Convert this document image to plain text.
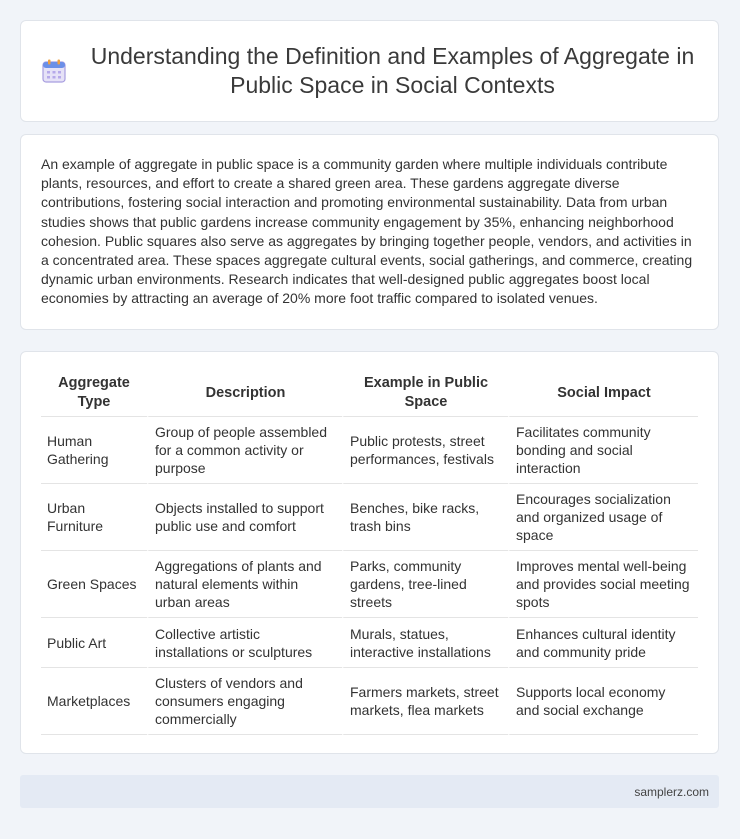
Understanding the Definition and Examples of Aggregate in Public Space in Social Contexts

An example of aggregate in public space is a community garden where multiple individuals contribute plants, resources, and effort to create a shared green area. These gardens aggregate diverse contributions, fostering social interaction and promoting environmental sustainability. Data from urban studies shows that public gardens increase community engagement by 35%, enhancing neighborhood cohesion. Public squares also serve as aggregates by bringing together people, vendors, and activities in a concentrated area. These spaces aggregate cultural events, social gatherings, and commerce, creating dynamic urban environments. Research indicates that well-designed public aggregates boost local economies by attracting an average of 20% more foot traffic compared to isolated venues.

Aggregate Type	Description	Example in Public Space	Social Impact
Human Gathering	Group of people assembled for a common activity or purpose	Public protests, street performances, festivals	Facilitates community bonding and social interaction
Urban Furniture	Objects installed to support public use and comfort	Benches, bike racks, trash bins	Encourages socialization and organized usage of space
Green Spaces	Aggregations of plants and natural elements within urban areas	Parks, community gardens, tree-lined streets	Improves mental well-being and provides social meeting spots
Public Art	Collective artistic installations or sculptures	Murals, statues, interactive installations	Enhances cultural identity and community pride
Marketplaces	Clusters of vendors and consumers engaging commercially	Farmers markets, street markets, flea markets	Supports local economy and social exchange
samplerz.com
